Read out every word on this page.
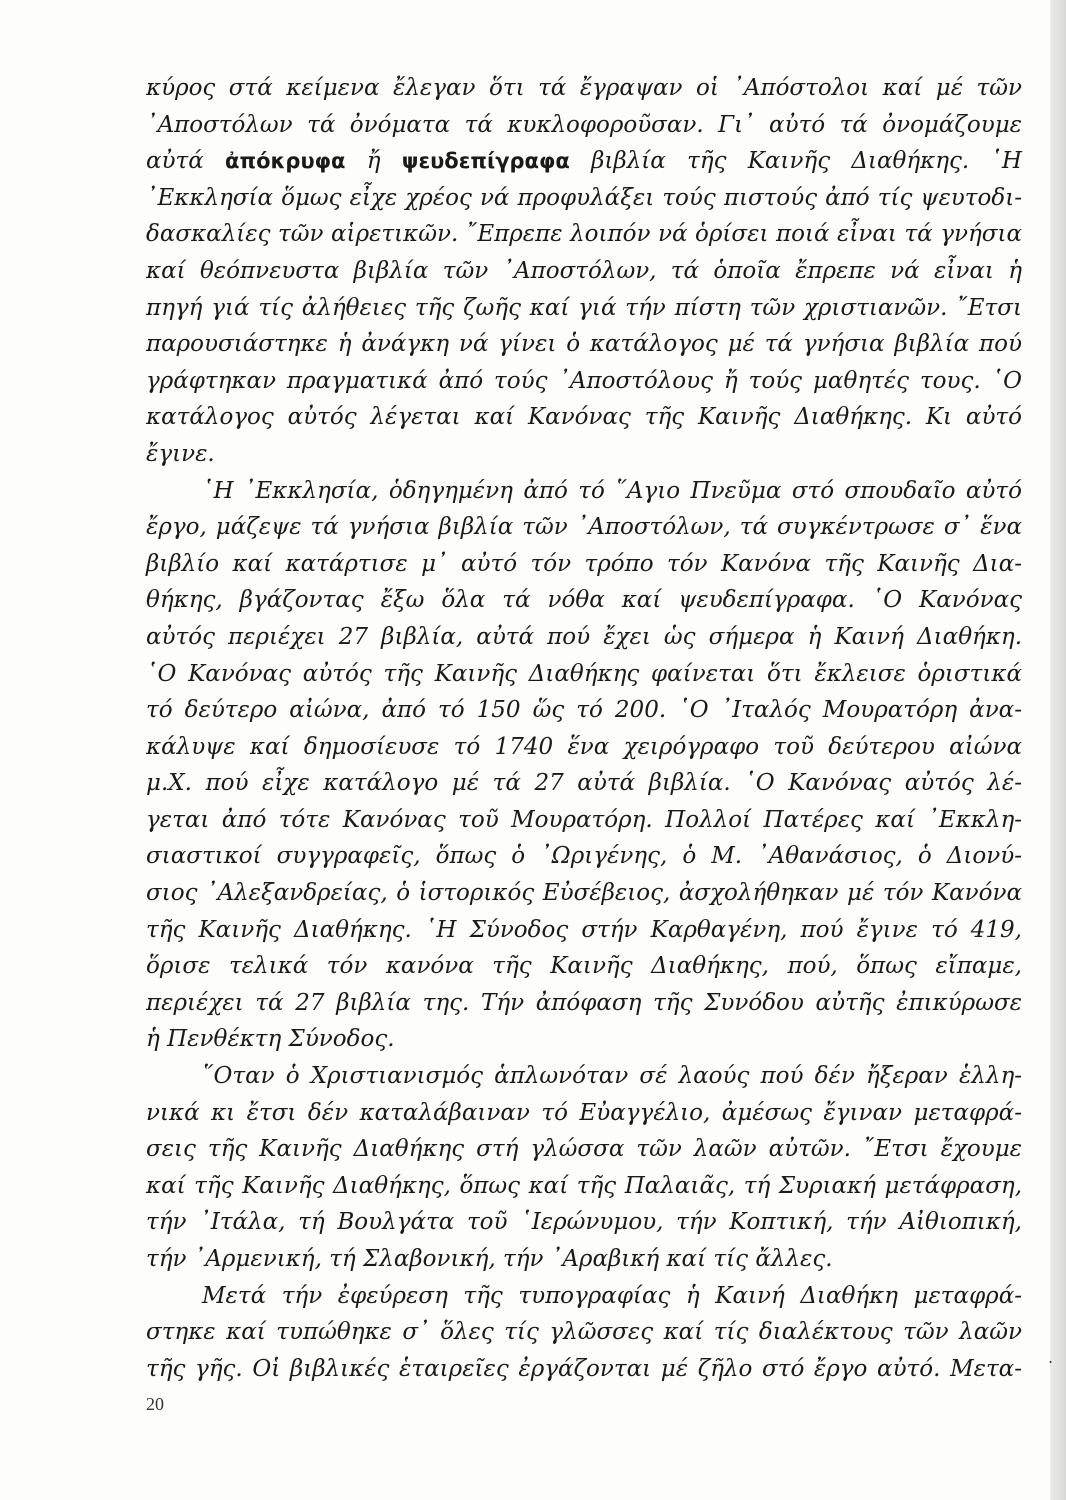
κύρος στά κείμενα ἔλεγαν ὅτι τά ἔγραψαν οἱ ᾿Απόστολοι καί μέ τῶν
᾿Αποστόλων τά ὀνόματα τά κυκλοφοροῦσαν. Γι᾿ αὐτό τά ὀνομάζουμε
αὐτά ἀπόκρυφα ἤ ψευδεπίγραφα βιβλία τῆς Καινῆς Διαθήκης. ῾Η
᾿Εκκλησία ὅμως εἶχε χρέος νά προφυλάξει τούς πιστούς ἀπό τίς ψευτοδι-
δασκαλίες τῶν αἱρετικῶν. ῎Επρεπε λοιπόν νά ὁρίσει ποιά εἶναι τά γνήσια
καί θεόπνευστα βιβλία τῶν ᾿Αποστόλων, τά ὁποῖα ἔπρεπε νά εἶναι ἡ
πηγή γιά τίς ἀλήθειες τῆς ζωῆς καί γιά τήν πίστη τῶν χριστιανῶν. ῎Ετσι
παρουσιάστηκε ἡ ἀνάγκη νά γίνει ὁ κατάλογος μέ τά γνήσια βιβλία πού
γράφτηκαν πραγματικά ἀπό τούς ᾿Αποστόλους ἤ τούς μαθητές τους. ῾Ο
κατάλογος αὐτός λέγεται καί Κανόνας τῆς Καινῆς Διαθήκης. Κι αὐτό
ἔγινε.
῾Η ᾿Εκκλησία, ὁδηγημένη ἀπό τό ῞Αγιο Πνεῦμα στό σπουδαῖο αὐτό
ἔργο, μάζεψε τά γνήσια βιβλία τῶν ᾿Αποστόλων, τά συγκέντρωσε σ᾿ ἕνα
βιβλίο καί κατάρτισε μ᾿ αὐτό τόν τρόπο τόν Κανόνα τῆς Καινῆς Δια-
θήκης, βγάζοντας ἔξω ὅλα τά νόθα καί ψευδεπίγραφα. ῾Ο Κανόνας
αὐτός περιέχει 27 βιβλία, αὐτά πού ἔχει ὡς σήμερα ἡ Καινή Διαθήκη.
῾Ο Κανόνας αὐτός τῆς Καινῆς Διαθήκης φαίνεται ὅτι ἔκλεισε ὁριστικά
τό δεύτερο αἰώνα, ἀπό τό 150 ὥς τό 200. ῾Ο ᾿Ιταλός Μουρατόρη ἀνα-
κάλυψε καί δημοσίευσε τό 1740 ἕνα χειρόγραφο τοῦ δεύτερου αἰώνα
μ.Χ. πού εἶχε κατάλογο μέ τά 27 αὐτά βιβλία. ῾Ο Κανόνας αὐτός λέ-
γεται ἀπό τότε Κανόνας τοῦ Μουρατόρη. Πολλοί Πατέρες καί ᾿Εκκλη-
σιαστικοί συγγραφεῖς, ὅπως ὁ ᾿Ωριγένης, ὁ Μ. ᾿Αθανάσιος, ὁ Διονύ-
σιος ᾿Αλεξανδρείας, ὁ ἱστορικός Εὐσέβειος, ἀσχολήθηκαν μέ τόν Κανόνα
τῆς Καινῆς Διαθήκης. ῾Η Σύνοδος στήν Καρθαγένη, πού ἔγινε τό 419,
ὅρισε τελικά τόν κανόνα τῆς Καινῆς Διαθήκης, πού, ὅπως εἴπαμε,
περιέχει τά 27 βιβλία της. Τήν ἀπόφαση τῆς Συνόδου αὐτῆς ἐπικύρωσε
ἡ Πενθέκτη Σύνοδος.
῞Οταν ὁ Χριστιανισμός ἁπλωνόταν σέ λαούς πού δέν ἤξεραν ἑλλη-
νικά κι ἔτσι δέν καταλάβαιναν τό Εὐαγγέλιο, ἀμέσως ἔγιναν μεταφρά-
σεις τῆς Καινῆς Διαθήκης στή γλώσσα τῶν λαῶν αὐτῶν. ῎Ετσι ἔχουμε
καί τῆς Καινῆς Διαθήκης, ὅπως καί τῆς Παλαιᾶς, τή Συριακή μετάφραση,
τήν ᾿Ιτάλα, τή Βουλγάτα τοῦ ῾Ιερώνυμου, τήν Κοπτική, τήν Αἰθιοπική,
τήν ᾿Αρμενική, τή Σλαβονική, τήν ᾿Αραβική καί τίς ἄλλες.
Μετά τήν ἐφεύρεση τῆς τυπογραφίας ἡ Καινή Διαθήκη μεταφρά-
στηκε καί τυπώθηκε σ᾿ ὅλες τίς γλῶσσες καί τίς διαλέκτους τῶν λαῶν
τῆς γῆς. Οἱ βιβλικές ἑταιρεῖες ἐργάζονται μέ ζῆλο στό ἔργο αὐτό. Μετα-
20
.
